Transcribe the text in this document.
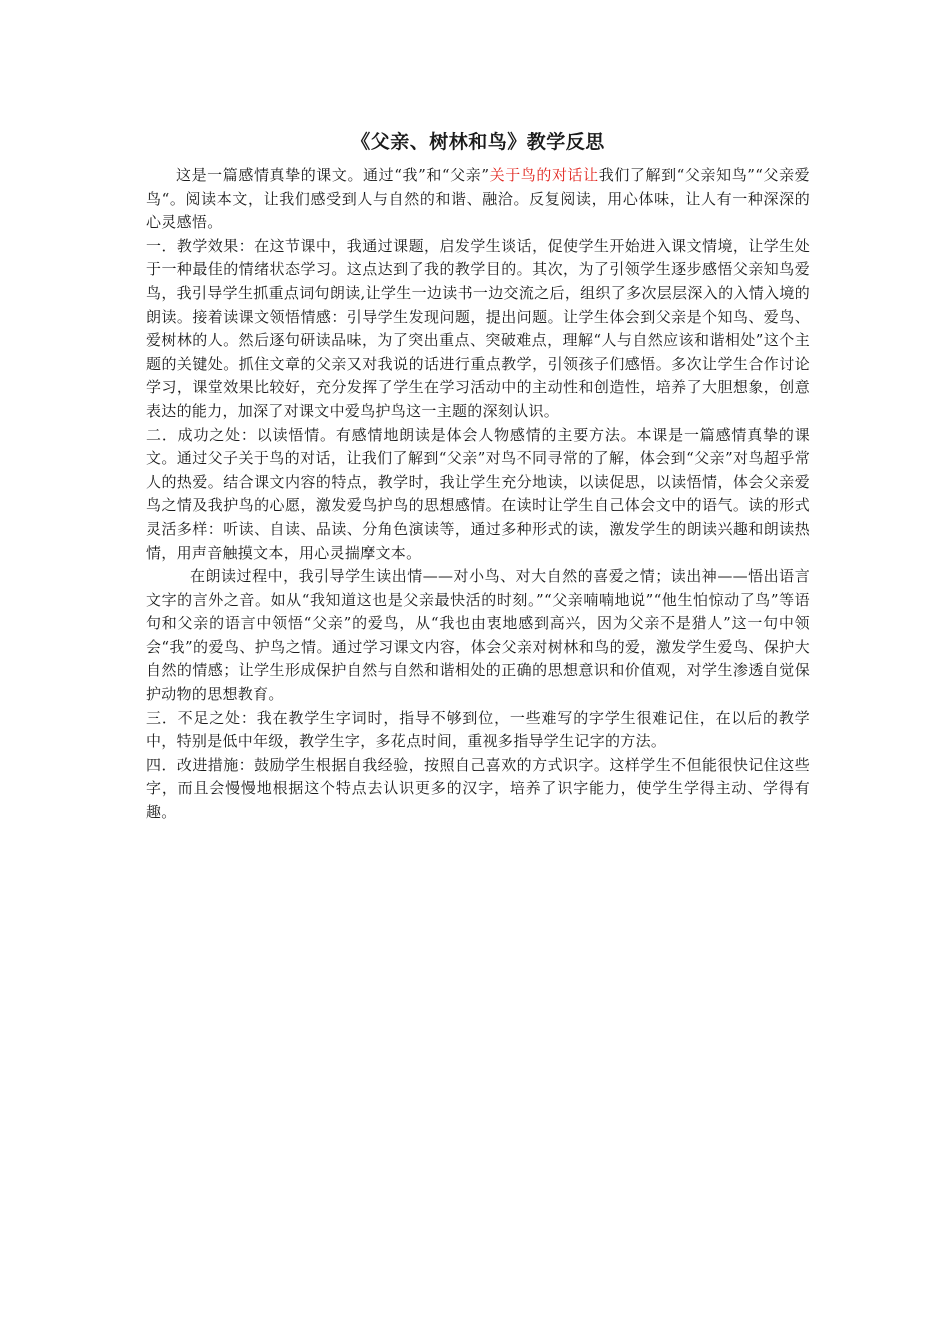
《父亲、树林和鸟》教学反思

这是一篇感情真挚的课文。通过“我”和“父亲”关于鸟的对话让我们了解到“父亲知鸟”“父亲爱鸟“。阅读本文，让我们感受到人与自然的和谐、融洽。反复阅读，用心体味，让人有一种深深的心灵感悟。

一．教学效果：在这节课中，我通过课题，启发学生谈话，促使学生开始进入课文情境，让学生处于一种最佳的情绪状态学习。这点达到了我的教学目的。其次，为了引领学生逐步感悟父亲知鸟爱鸟，我引导学生抓重点词句朗读,让学生一边读书一边交流之后，组织了多次层层深入的入情入境的朗读。接着读课文领悟情感：引导学生发现问题，提出问题。让学生体会到父亲是个知鸟、爱鸟、爱树林的人。然后逐句研读品味，为了突出重点、突破难点，理解“人与自然应该和谐相处”这个主题的关键处。抓住文章的父亲又对我说的话进行重点教学，引领孩子们感悟。多次让学生合作讨论学习，课堂效果比较好，充分发挥了学生在学习活动中的主动性和创造性，培养了大胆想象，创意表达的能力，加深了对课文中爱鸟护鸟这一主题的深刻认识。

二．成功之处：以读悟情。有感情地朗读是体会人物感情的主要方法。本课是一篇感情真挚的课文。通过父子关于鸟的对话，让我们了解到“父亲”对鸟不同寻常的了解，体会到“父亲”对鸟超乎常人的热爱。结合课文内容的特点，教学时，我让学生充分地读，以读促思，以读悟情，体会父亲爱鸟之情及我护鸟的心愿，激发爱鸟护鸟的思想感情。在读时让学生自己体会文中的语气。读的形式灵活多样：听读、自读、品读、分角色演读等，通过多种形式的读，激发学生的朗读兴趣和朗读热情，用声音触摸文本，用心灵揣摩文本。

在朗读过程中，我引导学生读出情——对小鸟、对大自然的喜爱之情；读出神——悟出语言文字的言外之音。如从“我知道这也是父亲最快活的时刻。”“父亲喃喃地说”“他生怕惊动了鸟”等语句和父亲的语言中领悟“父亲”的爱鸟，从“我也由衷地感到高兴，因为父亲不是猎人”这一句中领会“我”的爱鸟、护鸟之情。通过学习课文内容，体会父亲对树林和鸟的爱，激发学生爱鸟、保护大自然的情感；让学生形成保护自然与自然和谐相处的正确的思想意识和价值观，对学生渗透自觉保护动物的思想教育。

三．不足之处：我在教学生字词时，指导不够到位，一些难写的字学生很难记住，在以后的教学中，特别是低中年级，教学生字，多花点时间，重视多指导学生记字的方法。

四．改进措施：鼓励学生根据自我经验，按照自己喜欢的方式识字。这样学生不但能很快记住这些字，而且会慢慢地根据这个特点去认识更多的汉字，培养了识字能力，使学生学得主动、学得有趣。
